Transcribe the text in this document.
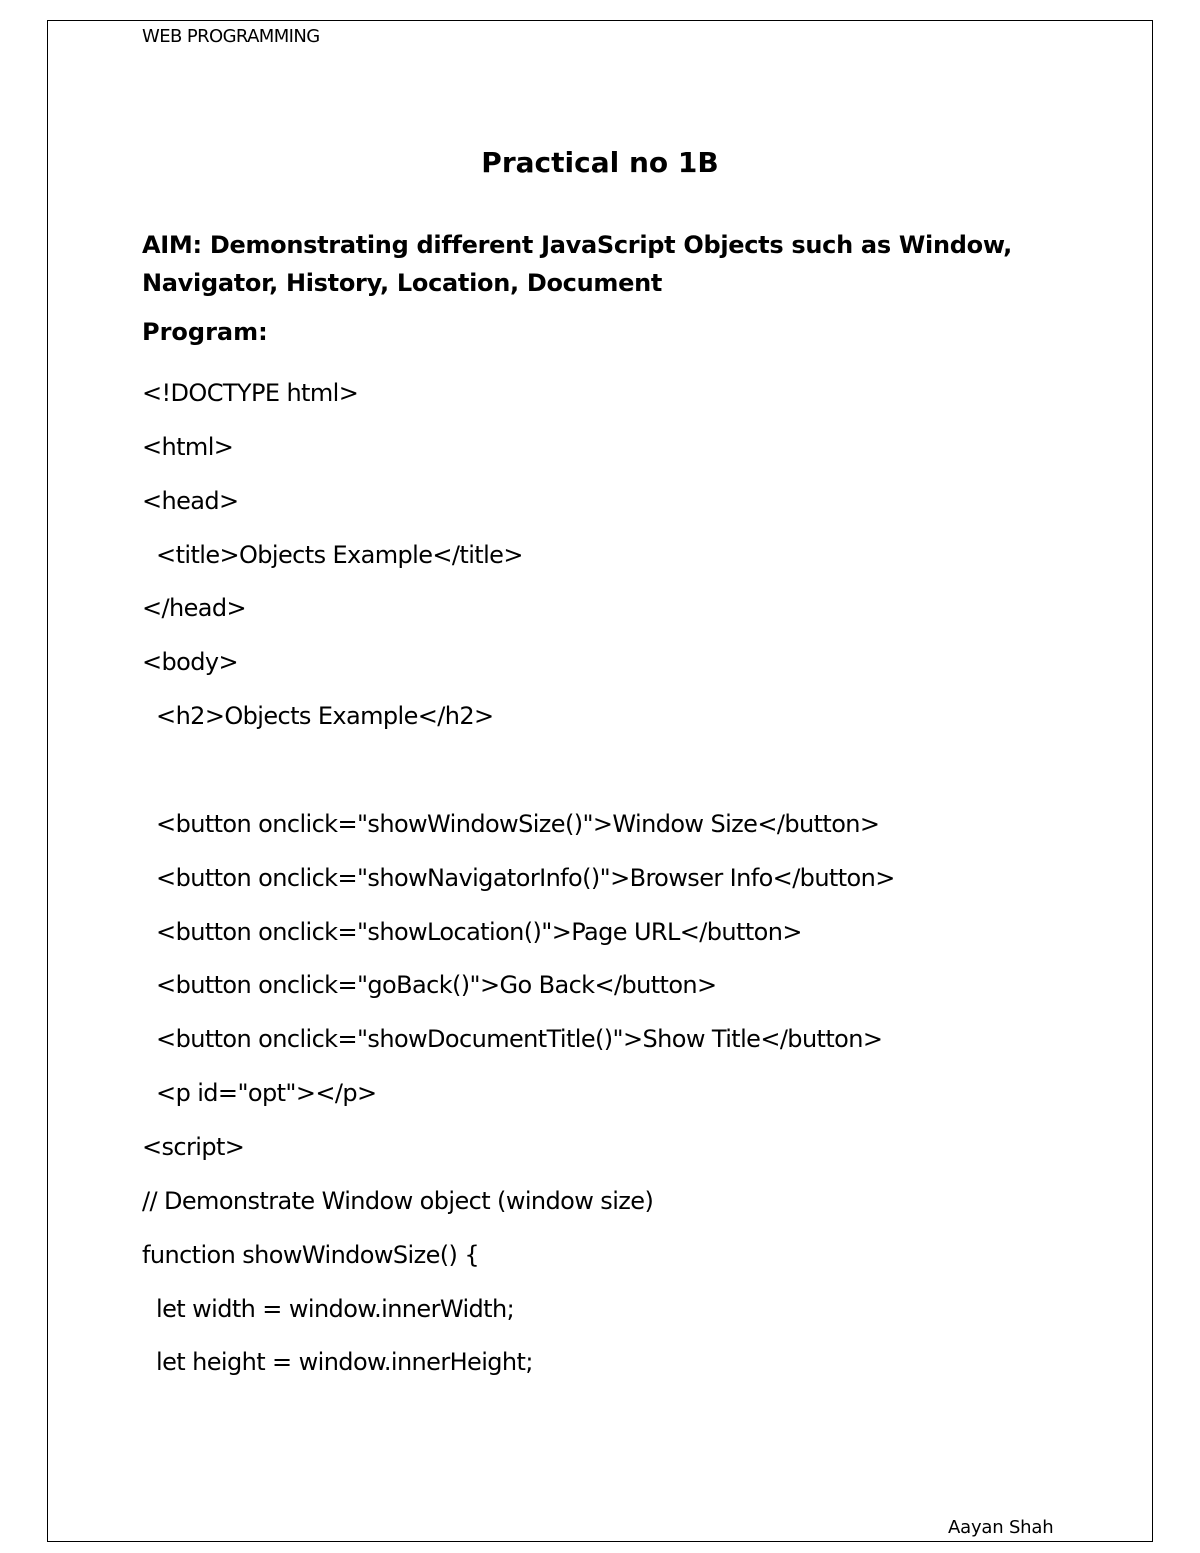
WEB PROGRAMMING
Practical no 1B
AIM: Demonstrating different JavaScript Objects such as Window, Navigator, History, Location, Document
Program:
<!DOCTYPE html>
<html>
<head>
<title>Objects Example</title>
</head>
<body>
<h2>Objects Example</h2>
<button onclick="showWindowSize()">Window Size</button>
<button onclick="showNavigatorInfo()">Browser Info</button>
<button onclick="showLocation()">Page URL</button>
<button onclick="goBack()">Go Back</button>
<button onclick="showDocumentTitle()">Show Title</button>
<p id="opt"></p>
<script>
// Demonstrate Window object (window size)
function showWindowSize() {
let width = window.innerWidth;
let height = window.innerHeight;
Aayan Shah
